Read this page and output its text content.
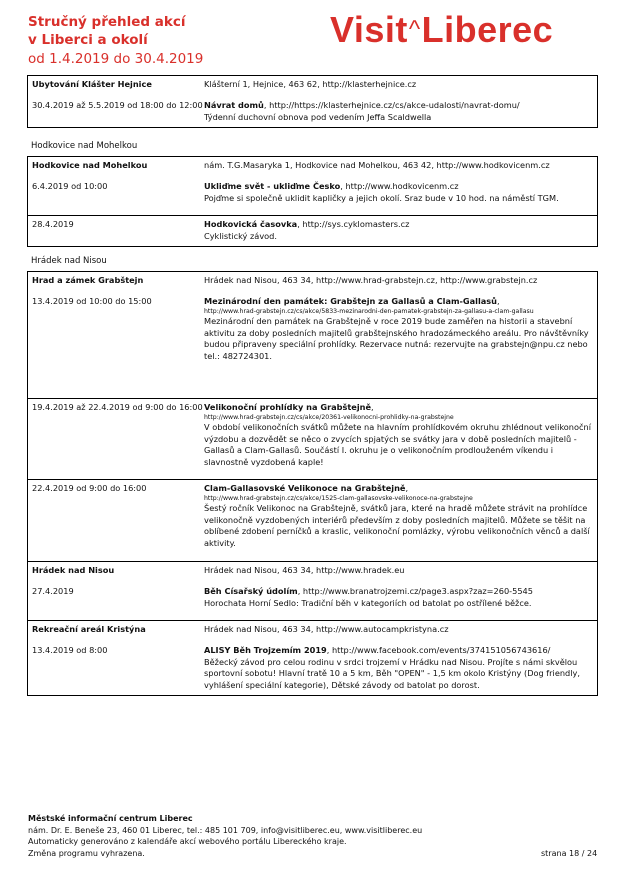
Stručný přehled akcí
v Liberci a okolí
od 1.4.2019 do 30.4.2019
Visit^Liberec
Ubytování Klášter Hejnice	Klášterní 1, Hejnice, 463 62, http://klasterhejnice.cz
30.4.2019 až 5.5.2019 od 18:00 do 12:00 Návrat domů, http://https://klasterhejnice.cz/cs/akce-udalosti/navrat-domu/
Týdenní duchovní obnova pod vedením Jeffa Scaldwella
Hodkovice nad Mohelkou
Hodkovice nad Mohelkou	nám. T.G.Masaryka 1, Hodkovice nad Mohelkou, 463 42, http://www.hodkovicenm.cz
6.4.2019 od 10:00	Ukliďme svět - ukliďme Česko, http://www.hodkovicenm.cz
Pojďme si společně uklidit kapličky a jejich okolí. Sraz bude v 10 hod. na náměstí TGM.
28.4.2019	Hodkovická časovka, http://sys.cyklomasters.cz
Cyklistický závod.
Hrádek nad Nisou
Hrad a zámek Grabštejn	Hrádek nad Nisou, 463 34, http://www.hrad-grabstejn.cz, http://www.grabstejn.cz
13.4.2019 od 10:00 do 15:00	Mezinárodní den památek: Grabštejn za Gallasů a Clam-Gallasů,

http://www.hrad-grabstejn.cz/cs/akce/5833-mezinarodni-den-pamatek-grabstejn-za-gallasu-a-clam-gallasu
Mezinárodní den památek na Grabštejně v roce 2019 bude zaměřen na historii a stavební aktivitu za doby posledních majitelů grabštejnského hradozámeckého areálu. Pro návštěvníky budou připraveny speciální prohlídky. Rezervace nutná: rezervujte na grabstejn@npu.cz nebo tel.: 482724301.
19.4.2019 až 22.4.2019 od 9:00 do 16:00 Velikonoční prohlídky na Grabštejně,

http://www.hrad-grabstejn.cz/cs/akce/20361-velikonocni-prohlidky-na-grabstejne
V období velikonočních svátků můžete na hlavním prohlídkovém okruhu zhlédnout velikonoční výzdobu a dozvědět se něco o zvycích spjatých se svátky jara v době posledních majitelů - Gallasů a Clam-Gallasů. Součástí I. okruhu je o velikonočním prodlouženém víkendu i slavnostně vyzdobená kaple!
22.4.2019 od 9:00 do 16:00	Clam-Gallasovské Velikonoce na Grabštejně,

http://www.hrad-grabstejn.cz/cs/akce/1525-clam-gallasovske-velikonoce-na-grabstejne
Šestý ročník Velikonoc na Grabštejně, svátků jara, které na hradě můžete strávit na prohlídce velikonočně vyzdobených interiérů především z doby posledních majitelů. Můžete se těšit na oblíbené zdobení perníčků a kraslic, velikonoční pomlázky, výrobu velikonočních věnců a další aktivity.
Hrádek nad Nisou	Hrádek nad Nisou, 463 34, http://www.hradek.eu
27.4.2019	Běh Císařský údolím, http://www.branatrojzemi.cz/page3.aspx?zaz=260-5545
Horochata Horní Sedlo: Tradiční běh v kategoriích od batolat po ostřílené běžce.
Rekreační areál Kristýna	Hrádek nad Nisou, 463 34, http://www.autocampkristyna.cz
13.4.2019 od 8:00	ALISY Běh Trojzemím 2019, http://www.facebook.com/events/374151056743616/
Běžecký závod pro celou rodinu v srdci trojzemí v Hrádku nad Nisou. Projíte s námi skvělou sportovní sobotu! Hlavní tratě 10 a 5 km, Běh "OPEN" - 1,5 km okolo Kristýny (Dog friendly, vyhlášení speciální kategorie), Dětské závody od batolat po dorost.
Městské informační centrum Liberec
nám. Dr. E. Beneše 23, 460 01 Liberec, tel.: 485 101 709, info@visitliberec.eu, www.visitliberec.eu
Automaticky generováno z kalendáře akcí webového portálu Libereckého kraje.
Změna programu vyhrazena.	strana 18 / 24
